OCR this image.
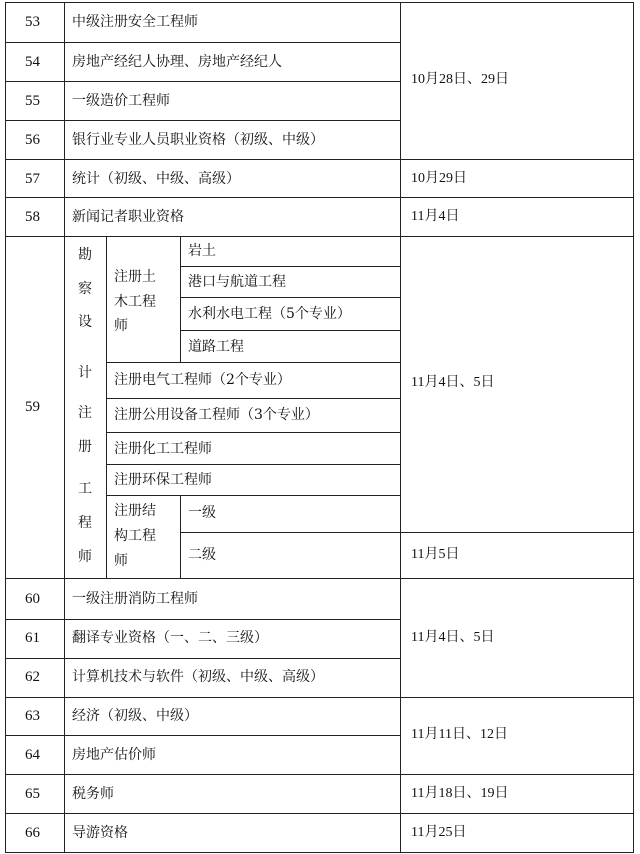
53
54
55
56
57
58
59
60
61
62
63
64
65
66
中级注册安全工程师
房地产经纪人协理、房地产经纪人
一级造价工程师
银行业专业人员职业资格（初级、中级）
统计（初级、中级、高级）
新闻记者职业资格
一级注册消防工程师
翻译专业资格（一、二、三级）
计算机技术与软件（初级、中级、高级）
经济（初级、中级）
房地产估价师
税务师
导游资格
勘
察
设
计
注
册
工
程
师
注册土
木工程
师
岩土
港口与航道工程
水利水电工程（5个专业）
道路工程
注册电气工程师（2个专业）
注册公用设备工程师（3个专业）
注册化工工程师
注册环保工程师
注册结
构工程
师
一级
二级
10月28日、29日
10月29日
11月4日
11月4日、5日
11月5日
11月4日、5日
11月11日、12日
11月18日、19日
11月25日
